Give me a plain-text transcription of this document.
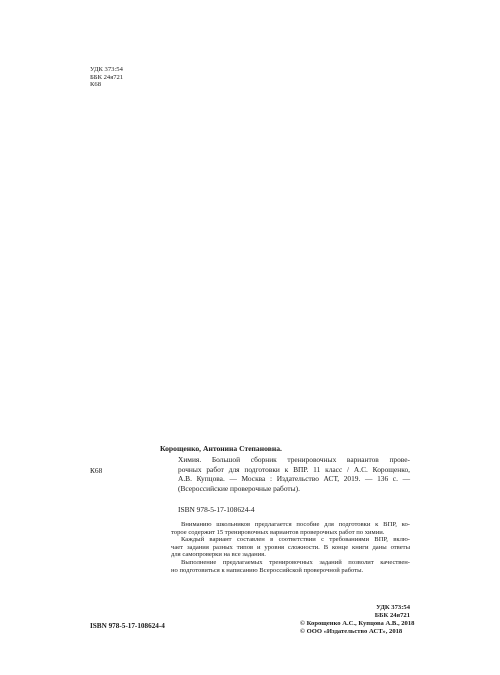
УДК 373:54
ББК 24я721
К68
Корощенко, Антонина Степановна.
К68
Химия. Большой сборник тренировочных вариантов прове-
рочных работ для подготовки к ВПР. 11 класс / А.С. Корощенко,
А.В. Купцова. — Москва : Издательство АСТ, 2019. — 136 с. —
(Всероссийские проверочные работы).
ISBN 978-5-17-108624-4
Вниманию школьников предлагается пособие для подготовки к ВПР, ко-
торое содержит 15 тренировочных вариантов проверочных работ по химии.
Каждый вариант составлен в соответствии с требованиями ВПР, вклю-
чает задания разных типов и уровня сложности. В конце книги даны ответы
для самопроверки на все задания.
Выполнение предлагаемых тренировочных заданий позволит качествен-
но подготовиться к написанию Всероссийской проверочной работы.
УДК 373:54
ББК 24я721
ISBN 978-5-17-108624-4	© Корощенко А.С., Купцова А.В., 2018
© ООО «Издательство АСТ», 2018
